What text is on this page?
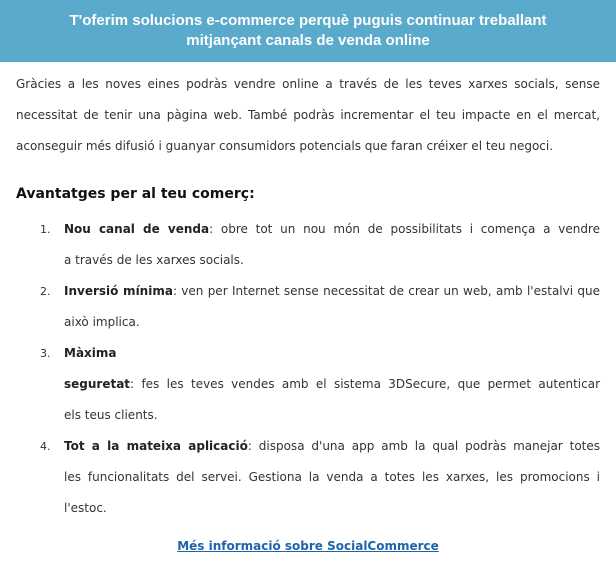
T'oferim solucions e-commerce perquè puguis continuar treballant
mitjançant canals de venda online
Gràcies a les noves eines podràs vendre online a través de les teves xarxes socials, sense
necessitat de tenir una pàgina web. També podràs incrementar el teu impacte en el mercat,
aconseguir més difusió i guanyar consumidors potencials que faran créixer el teu negoci.
Avantatges per al teu comerç:
1. Nou canal de venda: obre tot un nou món de possibilitats i comença a vendre
a través de les xarxes socials.
2. Inversió mínima: ven per Internet sense necessitat de crear un web, amb l'estalvi que
això implica.
3. Màxima
seguretat: fes les teves vendes amb el sistema 3DSecure, que permet autenticar
els teus clients.
4. Tot a la mateixa aplicació: disposa d'una app amb la qual podràs manejar totes
les funcionalitats del servei. Gestiona la venda a totes les xarxes, les promocions i l'estoc.
Més informació sobre SocialCommerce
